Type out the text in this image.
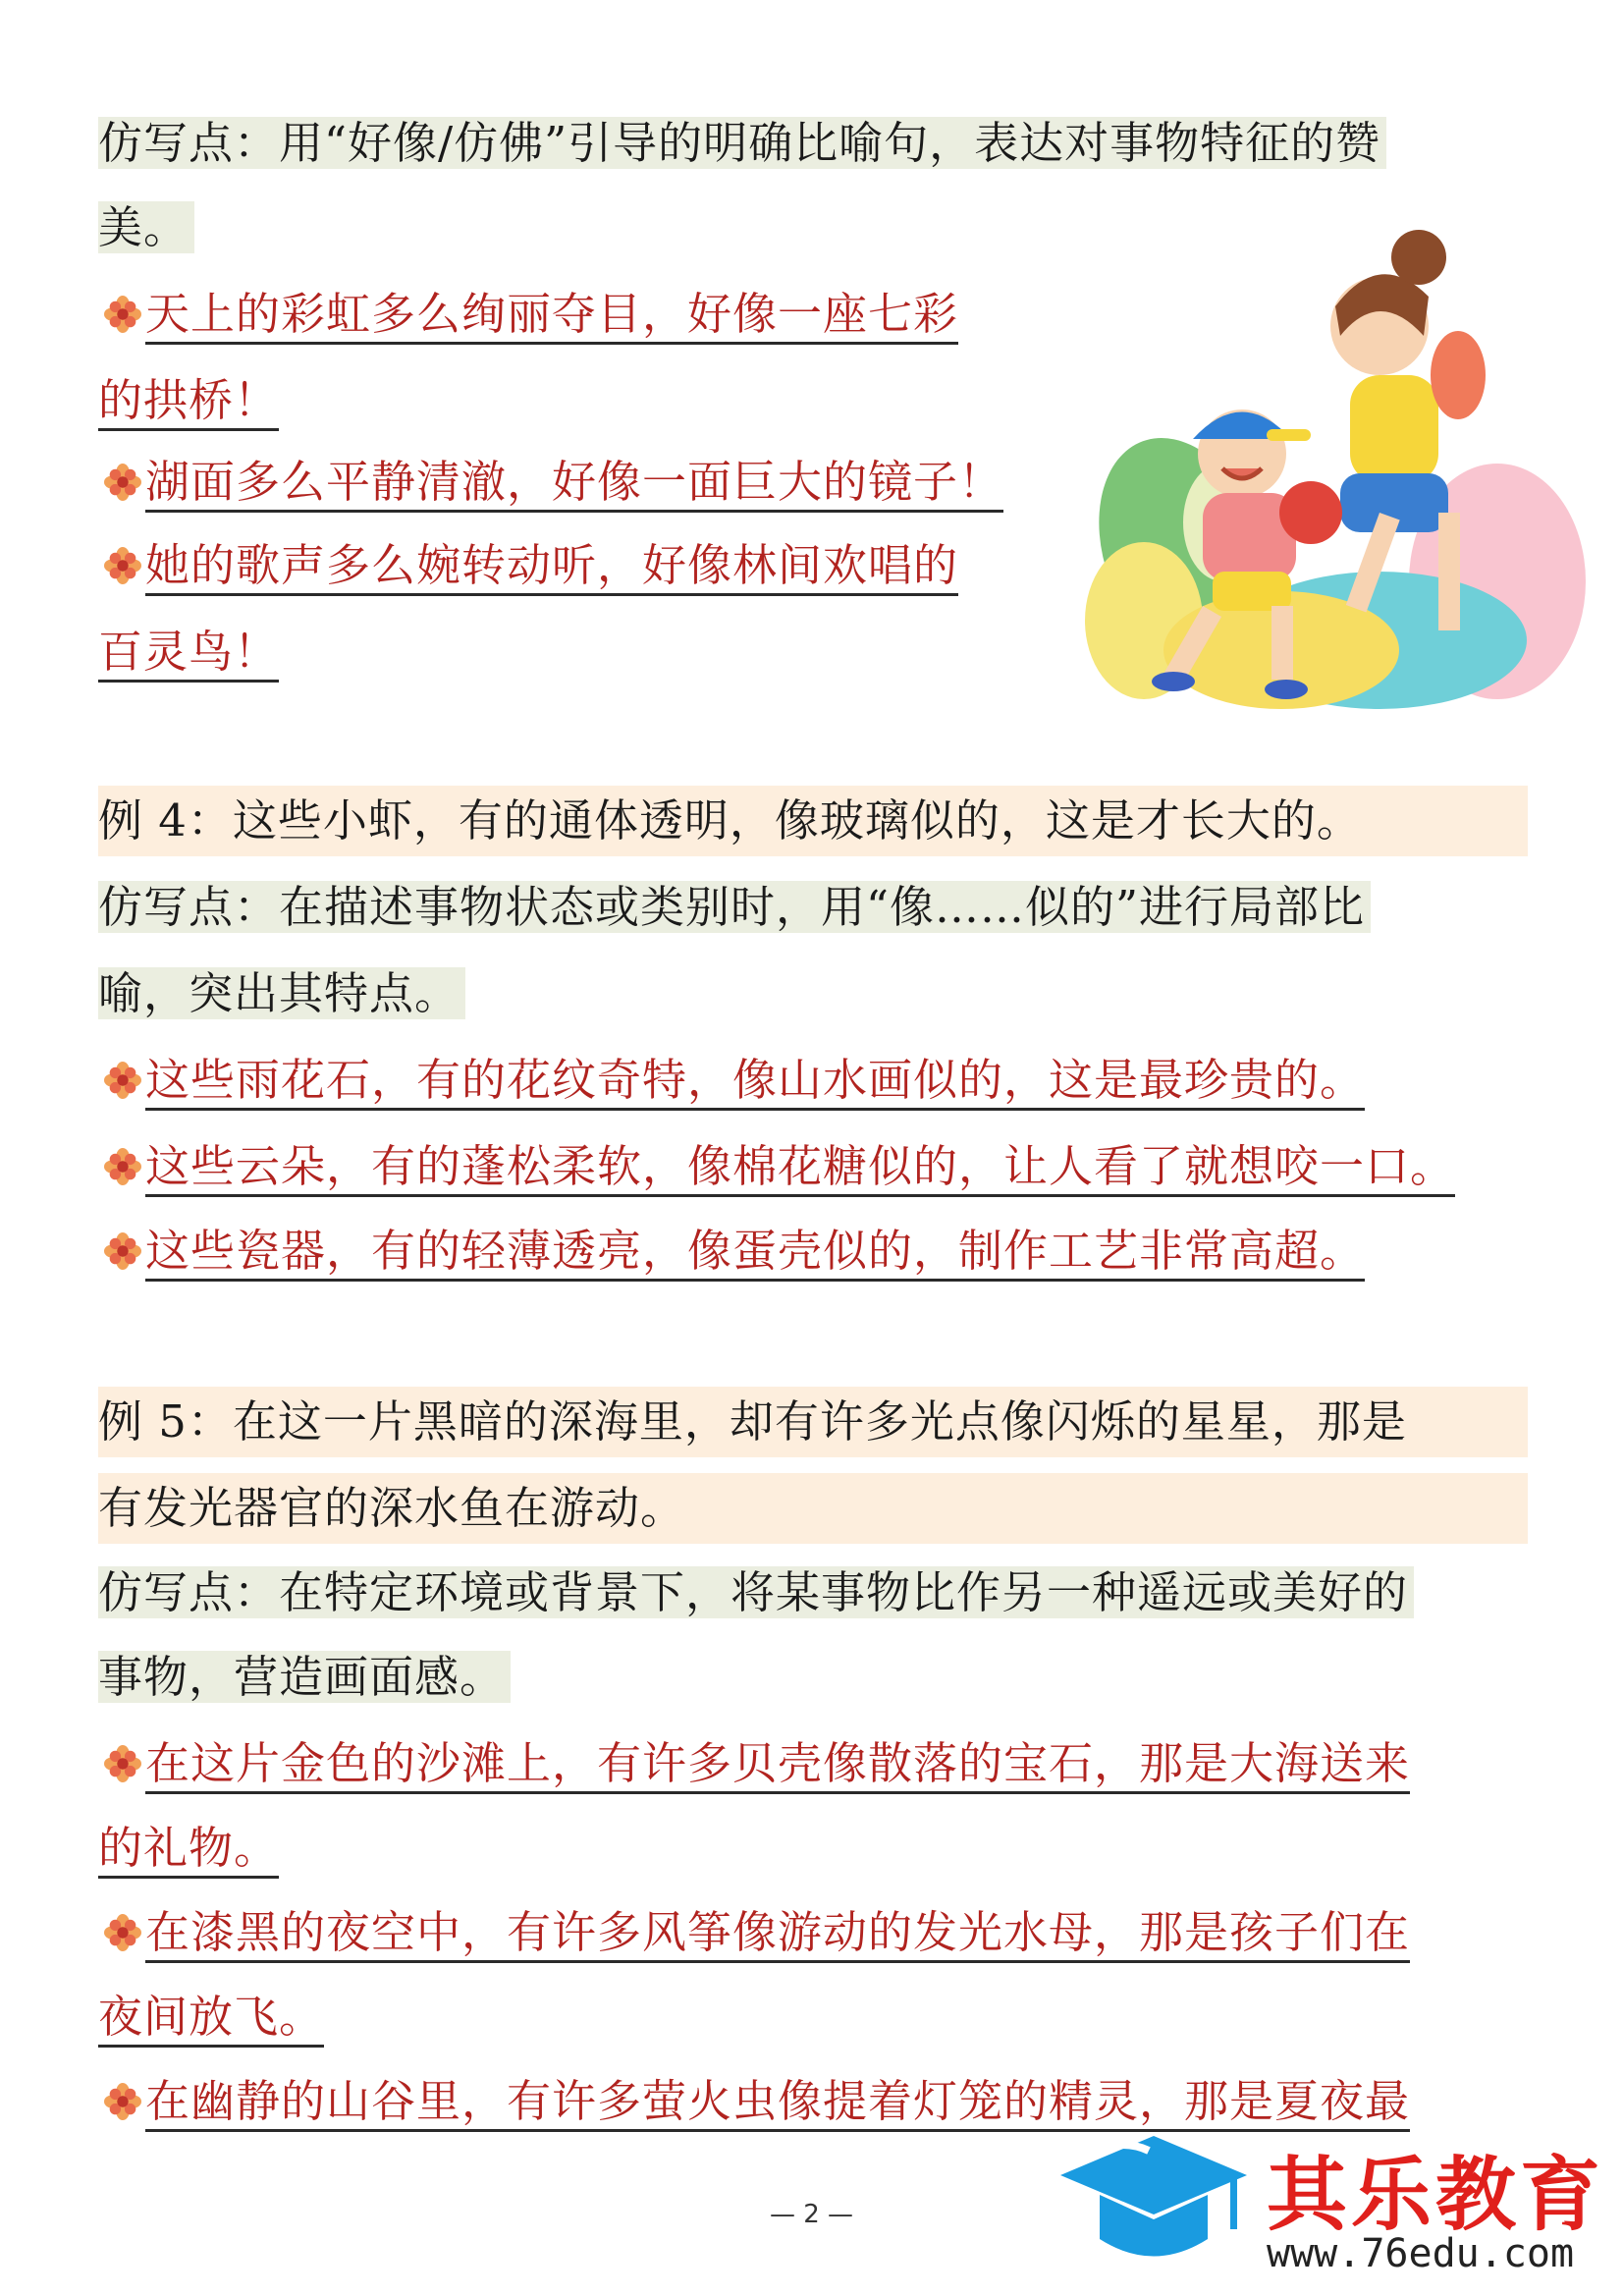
仿写点：用“好像/仿佛”引导的明确比喻句，表达对事物特征的赞
美。
天上的彩虹多么绚丽夺目，好像一座七彩
的拱桥！
湖面多么平静清澈，好像一面巨大的镜子！
她的歌声多么婉转动听，好像林间欢唱的
百灵鸟！
例 4：这些小虾，有的通体透明，像玻璃似的，这是才长大的。
仿写点：在描述事物状态或类别时，用“像……似的”进行局部比
喻，突出其特点。
这些雨花石，有的花纹奇特，像山水画似的，这是最珍贵的。
这些云朵，有的蓬松柔软，像棉花糖似的，让人看了就想咬一口。
这些瓷器，有的轻薄透亮，像蛋壳似的，制作工艺非常高超。
例 5：在这一片黑暗的深海里，却有许多光点像闪烁的星星，那是
有发光器官的深水鱼在游动。
仿写点：在特定环境或背景下，将某事物比作另一种遥远或美好的
事物，营造画面感。
在这片金色的沙滩上，有许多贝壳像散落的宝石，那是大海送来
的礼物。
在漆黑的夜空中，有许多风筝像游动的发光水母，那是孩子们在
夜间放飞。
在幽静的山谷里，有许多萤火虫像提着灯笼的精灵，那是夏夜最
— 2 —	其乐教育
www.76edu.com
